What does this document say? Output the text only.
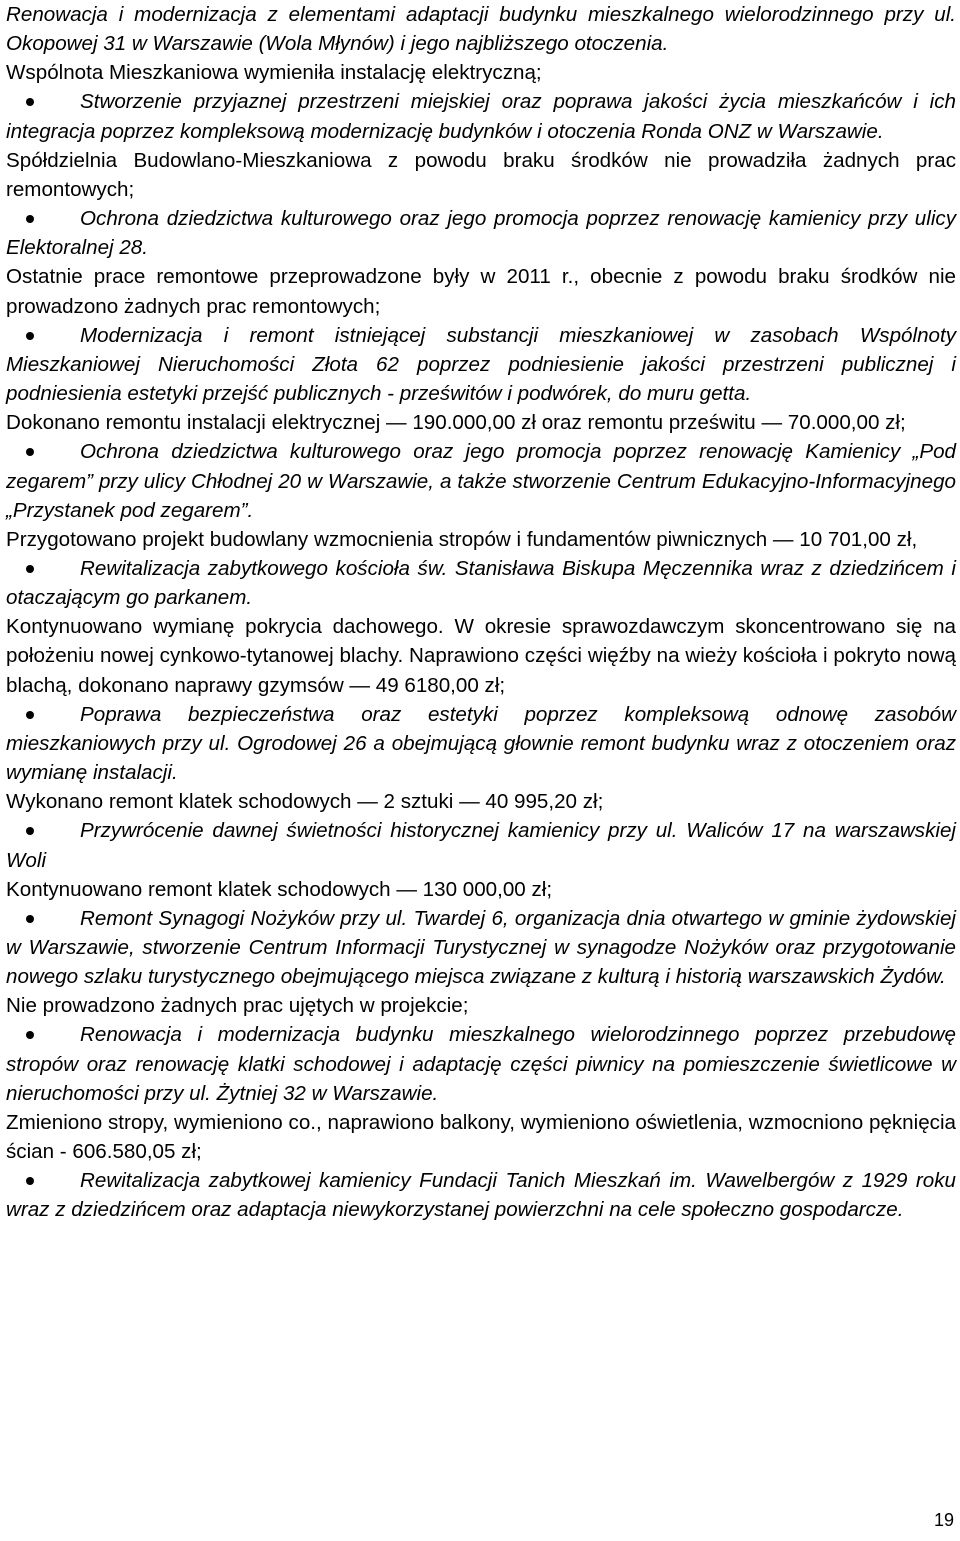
Renowacja i modernizacja z elementami adaptacji budynku mieszkalnego wielorodzinnego przy ul. Okopowej 31 w Warszawie (Wola Młynów) i jego najbliższego otoczenia.
Wspólnota Mieszkaniowa wymieniła instalację elektryczną;
Stworzenie przyjaznej przestrzeni miejskiej oraz poprawa jakości życia mieszkańców i ich integracja poprzez kompleksową modernizację budynków i otoczenia Ronda ONZ w Warszawie.
Spółdzielnia Budowlano-Mieszkaniowa z powodu braku środków nie prowadziła żadnych prac remontowych;
Ochrona dziedzictwa kulturowego oraz jego promocja poprzez renowację kamienicy przy ulicy Elektoralnej 28.
Ostatnie prace remontowe przeprowadzone były w 2011 r., obecnie z powodu braku środków nie prowadzono żadnych prac remontowych;
Modernizacja i remont istniejącej substancji mieszkaniowej w zasobach Wspólnoty Mieszkaniowej Nieruchomości Złota 62 poprzez podniesienie jakości przestrzeni publicznej i podniesienia estetyki przejść publicznych - prześwitów i podwórek, do muru getta.
Dokonano remontu instalacji elektrycznej — 190.000,00 zł oraz remontu prześwitu — 70.000,00 zł;
Ochrona dziedzictwa kulturowego oraz jego promocja poprzez renowację Kamienicy „Pod zegarem” przy ulicy Chłodnej 20 w Warszawie, a także stworzenie Centrum Edukacyjno-Informacyjnego „Przystanek pod zegarem”.
Przygotowano projekt budowlany wzmocnienia stropów i fundamentów piwnicznych — 10 701,00 zł,
Rewitalizacja zabytkowego kościoła św. Stanisława Biskupa Męczennika wraz z dziedzińcem i otaczającym go parkanem.
Kontynuowano wymianę pokrycia dachowego. W okresie sprawozdawczym skoncentrowano się na położeniu nowej cynkowo-tytanowej blachy. Naprawiono części więźby na wieży kościoła i pokryto nową blachą, dokonano naprawy gzymsów — 49 6180,00 zł;
Poprawa bezpieczeństwa oraz estetyki poprzez kompleksową odnowę zasobów mieszkaniowych przy ul. Ogrodowej 26 a obejmującą głownie remont budynku wraz z otoczeniem oraz wymianę instalacji.
Wykonano remont klatek schodowych — 2 sztuki — 40 995,20 zł;
Przywrócenie dawnej świetności historycznej kamienicy przy ul. Waliców 17 na warszawskiej Woli
Kontynuowano remont klatek schodowych — 130 000,00 zł;
Remont Synagogi Nożyków przy ul. Twardej 6, organizacja dnia otwartego w gminie żydowskiej w Warszawie, stworzenie Centrum Informacji Turystycznej w synagodze Nożyków oraz przygotowanie nowego szlaku turystycznego obejmującego miejsca związane z kulturą i historią warszawskich Żydów.
Nie prowadzono żadnych prac ujętych w projekcie;
Renowacja i modernizacja budynku mieszkalnego wielorodzinnego poprzez przebudowę stropów oraz renowację klatki schodowej i adaptację części piwnicy na pomieszczenie świetlicowe w nieruchomości przy ul. Żytniej 32 w Warszawie.
Zmieniono stropy, wymieniono co., naprawiono balkony, wymieniono oświetlenia, wzmocniono pęknięcia ścian - 606.580,05 zł;
Rewitalizacja zabytkowej kamienicy Fundacji Tanich Mieszkań im. Wawelbergów z 1929 roku wraz z dziedzińcem oraz adaptacja niewykorzystanej powierzchni na cele społeczno gospodarcze.
19
